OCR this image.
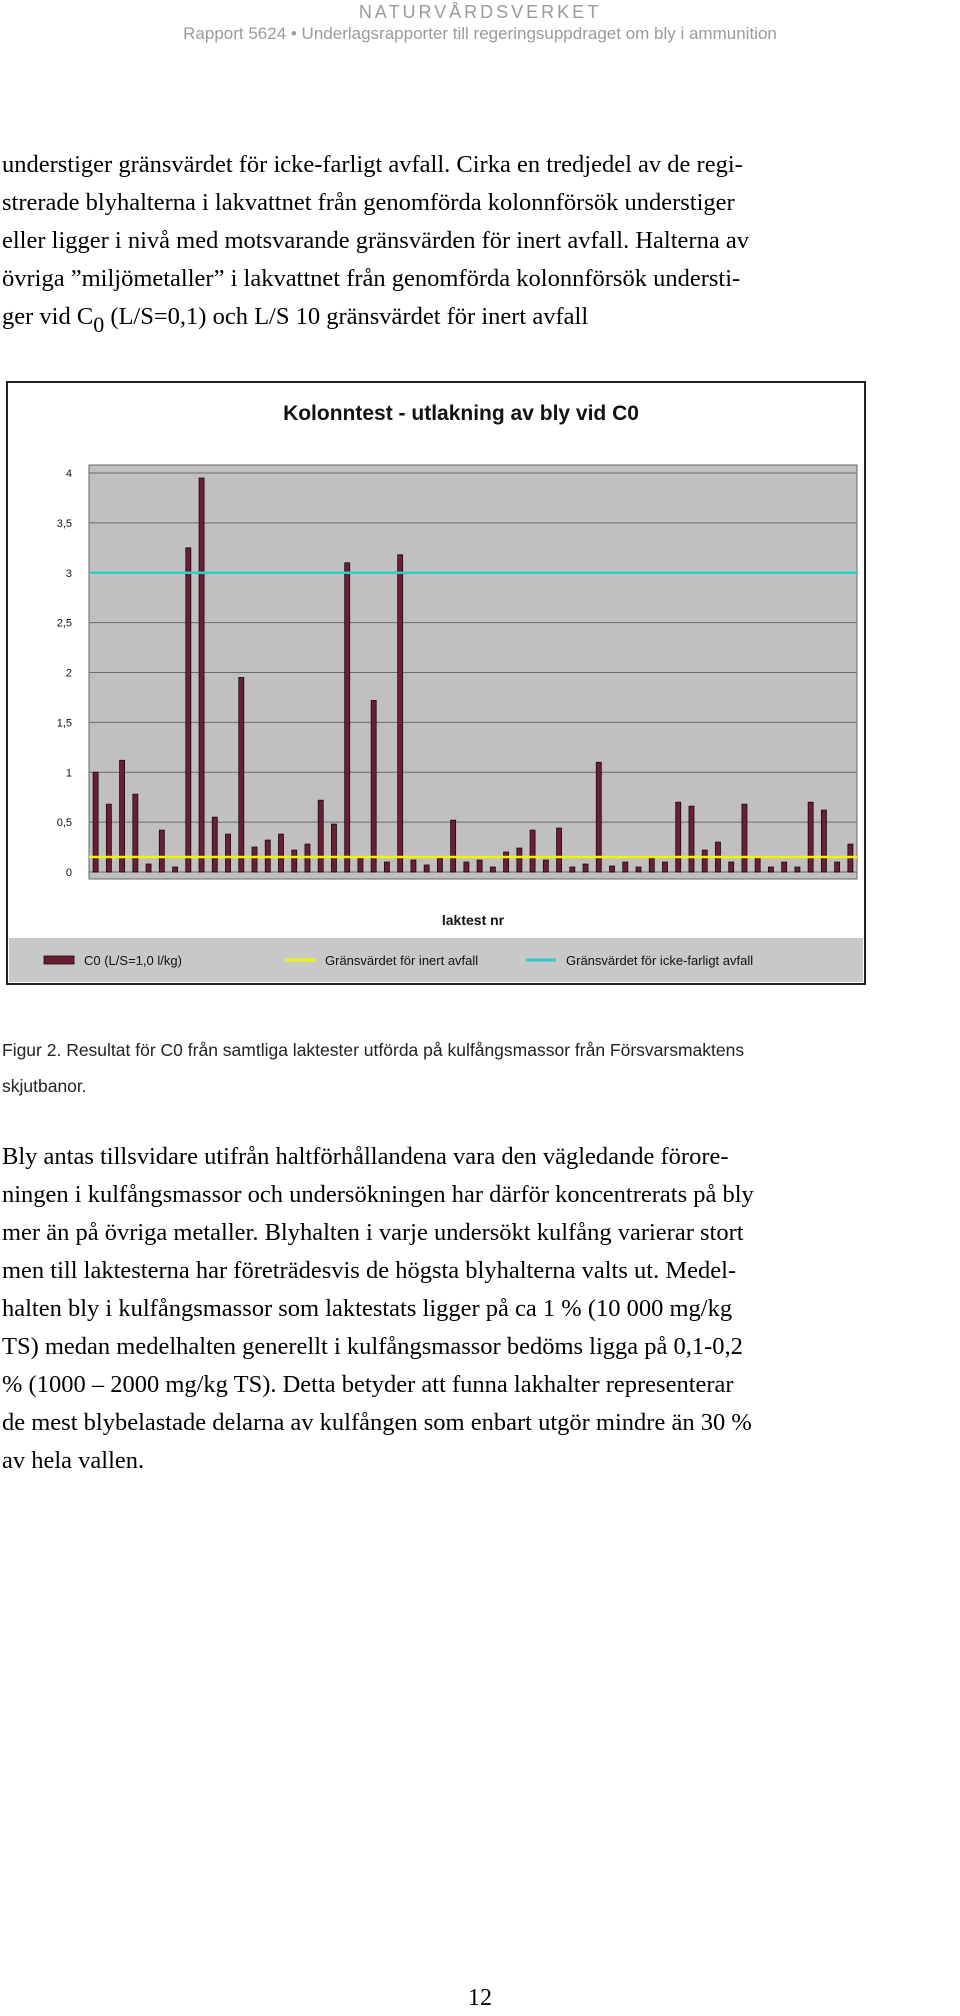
NATURVÅRDSVERKET
Rapport 5624 • Underlagsrapporter till regeringsuppdraget om bly i ammunition
understiger gränsvärdet för icke-farligt avfall. Cirka en tredjedel av de regi-
strerade blyhalterna i lakvattnet från genomförda kolonnförsök understiger
eller ligger i nivå med motsvarande gränsvärden för inert avfall. Halterna av
övriga ”miljömetaller” i lakvattnet från genomförda kolonnförsök understi-
ger vid C0 (L/S=0,1) och L/S 10 gränsvärdet för inert avfall
Kolonntest - utlakning av bly vid C0
0
0,5
1
1,5
2
2,5
3
3,5
4
laktest nr
C0 (L/S=1,0 l/kg)	Gränsvärdet för inert avfall	Gränsvärdet för icke-farligt avfall
Figur 2. Resultat för C0 från samtliga laktester utförda på kulfångsmassor från Försvarsmaktens
skjutbanor.
Bly antas tillsvidare utifrån haltförhållandena vara den vägledande förore-
ningen i kulfångsmassor och undersökningen har därför koncentrerats på bly
mer än på övriga metaller. Blyhalten i varje undersökt kulfång varierar stort
men till laktesterna har företrädesvis de högsta blyhalterna valts ut. Medel-
halten bly i kulfångsmassor som laktestats ligger på ca 1 % (10 000 mg/kg
TS) medan medelhalten generellt i kulfångsmassor bedöms ligga på 0,1-0,2
% (1000 – 2000 mg/kg TS). Detta betyder att funna lakhalter representerar
de mest blybelastade delarna av kulfången som enbart utgör mindre än 30 %
av hela vallen.
12
